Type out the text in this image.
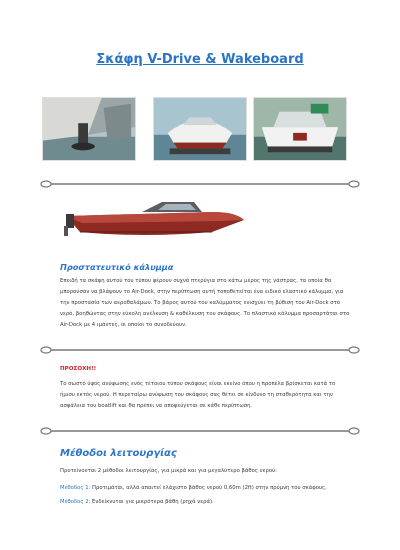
Σκάφη V-Drive & Wakeboard
Προστατευτικό κάλυμμα
Επειδή τα σκάφη αυτού του τύπου φέρουν συχνά πτερύγια στο κάτω μέρος της γάστρας, τα οποία θα μπορούσαν να βλάψουν το Air-Dock, στην περίπτωση αυτή τοποθετείται ένα ειδικό ελαστικό κάλυμμα, για την προστασία των αεροθαλάμων. Το βάρος αυτού του καλύμματος ενισχύει τη βύθιση του Air-Dock στο νερό, βοηθώντας στην εύκολη ανέλκυση & καθέλκυση του σκάφους. Το πλαστικό κάλυμμα προσαρτάται στο Air-Dock με 4 ιμάντες, οι οποίοι το συνοδεύουν.
ΠΡΟΣΟΧΗ!!
Το σωστό ύψος ανύψωσης ενός τέτοιου τύπου σκάφους είναι εκείνο όπου η προπέλα βρίσκεται κατά το ήμισυ εκτός νερού. Η περεταίρω ανύψωση του σκάφους σας θέτει σε κίνδυνο τη σταθερότητα και την ασφάλεια του boatlift και θα πρέπει να αποφεύγεται σε κάθε περίπτωση.
Μέθοδοι λειτουργίας
Προτείνονται 2 μέθοδοι λειτουργίας, για μικρά και για μεγαλύτερο βάθος νερού:
Μέθοδος 1: Προτιμάται, αλλά απαιτεί ελάχιστο βάθος νερού 0,60m (2ft) στην πρύμνη του σκάφους.
Μέθοδος 2: Ενδείκνυται για μικρότερα βάθη (ρηχά νερά).
